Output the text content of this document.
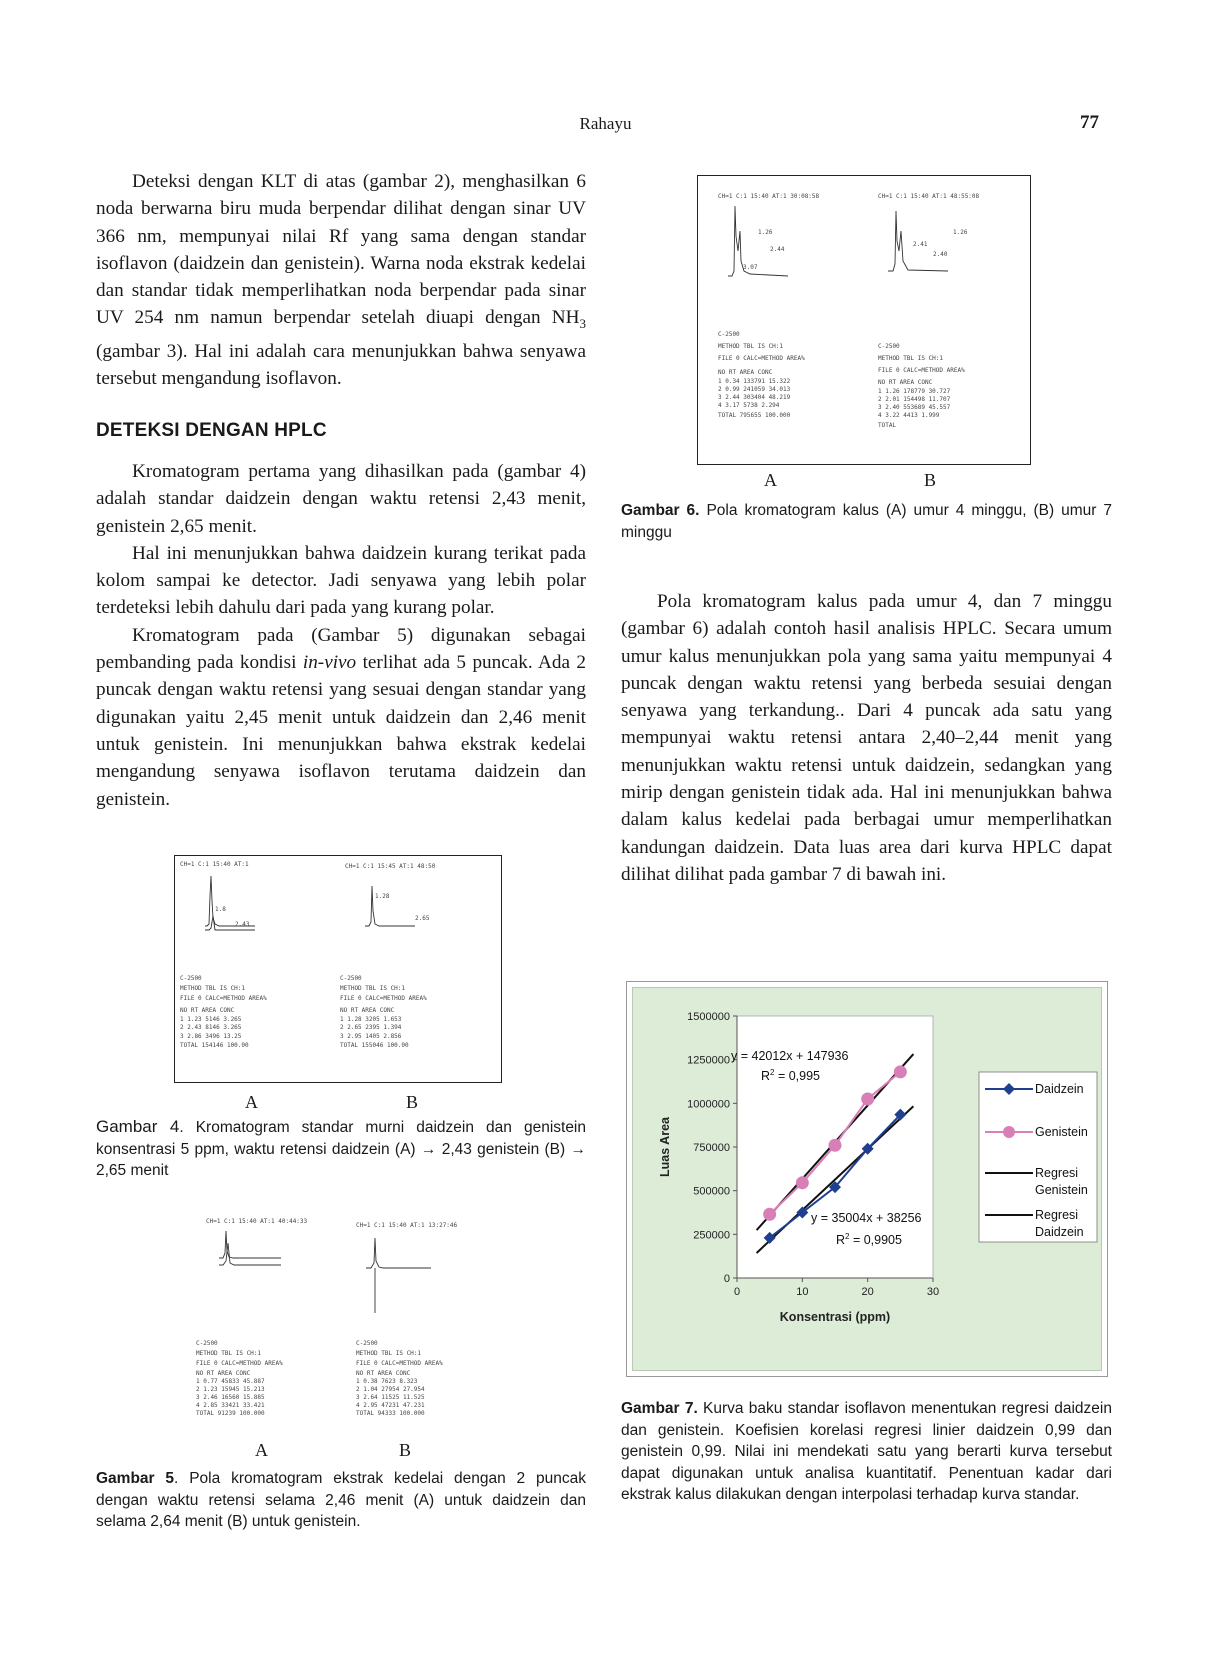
Rahayu	77

Deteksi dengan KLT di atas (gambar 2), menghasilkan 6 noda berwarna biru muda berpendar dilihat dengan sinar UV 366 nm, mempunyai nilai Rf yang sama dengan standar isoflavon (daidzein dan genistein). Warna noda ekstrak kedelai dan standar tidak memperlihatkan noda berpendar pada sinar UV 254 nm namun berpendar setelah diuapi dengan $NH_3$ (gambar 3). Hal ini adalah cara menunjukkan bahwa senyawa tersebut mengandung isoflavon.

DETEKSI DENGAN HPLC

Kromatogram pertama yang dihasilkan pada (gambar 4) adalah standar daidzein dengan waktu retensi 2,43 menit, genistein 2,65 menit.

Hal ini menunjukkan bahwa daidzein kurang terikat pada kolom sampai ke detector. Jadi senyawa yang lebih polar terdeteksi lebih dahulu dari pada yang kurang polar.

Kromatogram pada (Gambar 5) digunakan sebagai pembanding pada kondisi in-vivo terlihat ada 5 puncak. Ada 2 puncak dengan waktu retensi yang sesuai dengan standar yang digunakan yaitu 2,45 menit untuk daidzein dan 2,46 menit untuk genistein. Ini menunjukkan bahwa ekstrak kedelai mengandung senyawa isoflavon terutama daidzein dan genistein.

CH=1 C:1 15:40 AT:1	CH=1 C:1 15:45 AT:1 48:50
1.8
2.43
1.28
2.65
C-2500
METHOD TBL IS CH:1
FILE 0 CALC=METHOD AREA%
NO RT AREA CONC
1 1.23 5146 3.265
2 2.43 8146 3.265
3 2.86 3496 13.25
TOTAL 154146 100.00
C-2500
METHOD TBL IS CH:1
FILE 0 CALC=METHOD AREA%
NO RT AREA CONC
1 1.28 3205 1.653
2 2.65 2395 1.394
3 2.95 1405 2.856
TOTAL 155046 100.00
A	B
Gambar 4. Kromatogram standar murni daidzein dan genistein konsentrasi 5 ppm, waktu retensi daidzein (A) → 2,43 genistein (B) → 2,65 menit
CH=1 C:1 15:40 AT:1 40:44:33
CH=1 C:1 15:40 AT:1 13:27:46
C-2500
METHOD TBL IS CH:1
FILE 0 CALC=METHOD AREA%
NO RT AREA CONC
1 0.77 45833 45.887
2 1.23 15945 15.213
3 2.46 16560 15.885
4 2.85 33421 33.421
TOTAL 91239 100.000
C-2500
METHOD TBL IS CH:1
FILE 0 CALC=METHOD AREA%
NO RT AREA CONC
1 0.38 7623 8.323
2 1.04 27954 27.954
3 2.64 11525 11.525
4 2.95 47231 47.231
TOTAL 94333 100.000
A	B
Gambar 5. Pola kromatogram ekstrak kedelai dengan 2 puncak dengan waktu retensi selama 2,46 menit (A) untuk daidzein dan selama 2,64 menit (B) untuk genistein.
CH=1 C:1 15:40 AT:1 30:08:58	CH=1 C:1 15:40 AT:1 48:55:08
1.26
2.44
3.07
1.26
2.41
2.40
C-2500
METHOD TBL IS CH:1
FILE 0 CALC=METHOD AREA%
NO RT AREA CONC
1 0.34 133791 15.322
2 0.99 241059 34.013
3 2.44 303404 48.219
4 3.17 5738 2.294
TOTAL 795655 100.000
C-2500
METHOD TBL IS CH:1
FILE 0 CALC=METHOD AREA%
NO RT AREA CONC
1 1.26 178779 30.727
2 2.01 154498 11.707
3 2.40 553689 45.557
4 3.22 4413 1.999
TOTAL
A	B
Gambar 6. Pola kromatogram kalus (A) umur 4 minggu, (B) umur 7 minggu

Pola kromatogram kalus pada umur 4, dan 7 minggu (gambar 6) adalah contoh hasil analisis HPLC. Secara umum umur kalus menunjukkan pola yang sama yaitu mempunyai 4 puncak dengan waktu retensi yang berbeda sesuiai dengan senyawa yang terkandung.. Dari 4 puncak ada satu yang mempunyai waktu retensi antara 2,40–2,44 menit yang menunjukkan waktu retensi untuk daidzein, sedangkan yang mirip dengan genistein tidak ada. Hal ini menunjukkan bahwa dalam kalus kedelai pada berbagai umur memperlihatkan kandungan daidzein. Data luas area dari kurva HPLC dapat dilihat dilihat pada gambar 7 di bawah ini.

0
250000
500000
750000
1000000
1250000
1500000
0	10	20	30
Konsentrasi (ppm)
Luas Area
y = 42012x + 147936
$R^2 = 0,995$
y = 35004x + 38256
$R^2 = 0,9905$
Daidzein
Genistein
Regresi Genistein
Regresi Daidzein
Gambar 7. Kurva baku standar isoflavon menentukan regresi daidzein dan genistein. Koefisien korelasi regresi linier daidzein 0,99 dan genistein 0,99. Nilai ini mendekati satu yang berarti kurva tersebut dapat digunakan untuk analisa kuantitatif. Penentuan kadar dari ekstrak kalus dilakukan dengan interpolasi terhadap kurva standar.
